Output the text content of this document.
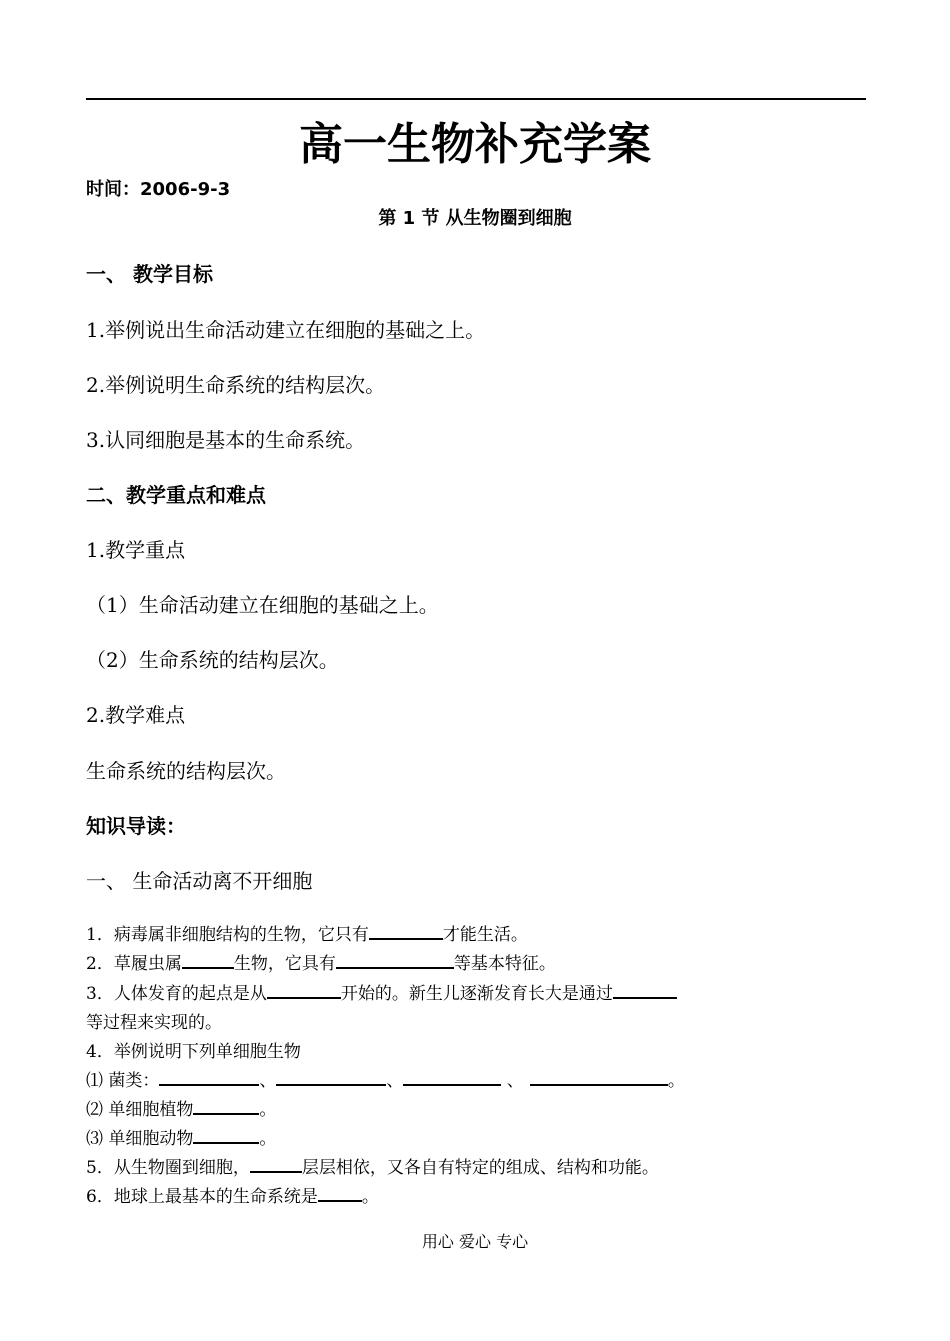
高一生物补充学案
时间：2006-9-3
第 1 节 从生物圈到细胞
一、 教学目标
1.举例说出生命活动建立在细胞的基础之上。
2.举例说明生命系统的结构层次。
3.认同细胞是基本的生命系统。
二、教学重点和难点
1.教学重点
（1）生命活动建立在细胞的基础之上。
（2）生命系统的结构层次。
2.教学难点
生命系统的结构层次。
知识导读：
一、 生命活动离不开细胞
1．病毒属非细胞结构的生物，它只有	才能生活。
2．草履虫属	生物，它具有	等基本特征。
3．人体发育的起点是从	开始的。新生儿逐渐发育长大是通过
等过程来实现的。
4．举例说明下列单细胞生物
⑴ 菌类：	、	、	、	。
⑵ 单细胞植物	。
⑶ 单细胞动物	。
5．从生物圈到细胞，	层层相依，又各自有特定的组成、结构和功能。
6．地球上最基本的生命系统是	。
用心 爱心 专心
